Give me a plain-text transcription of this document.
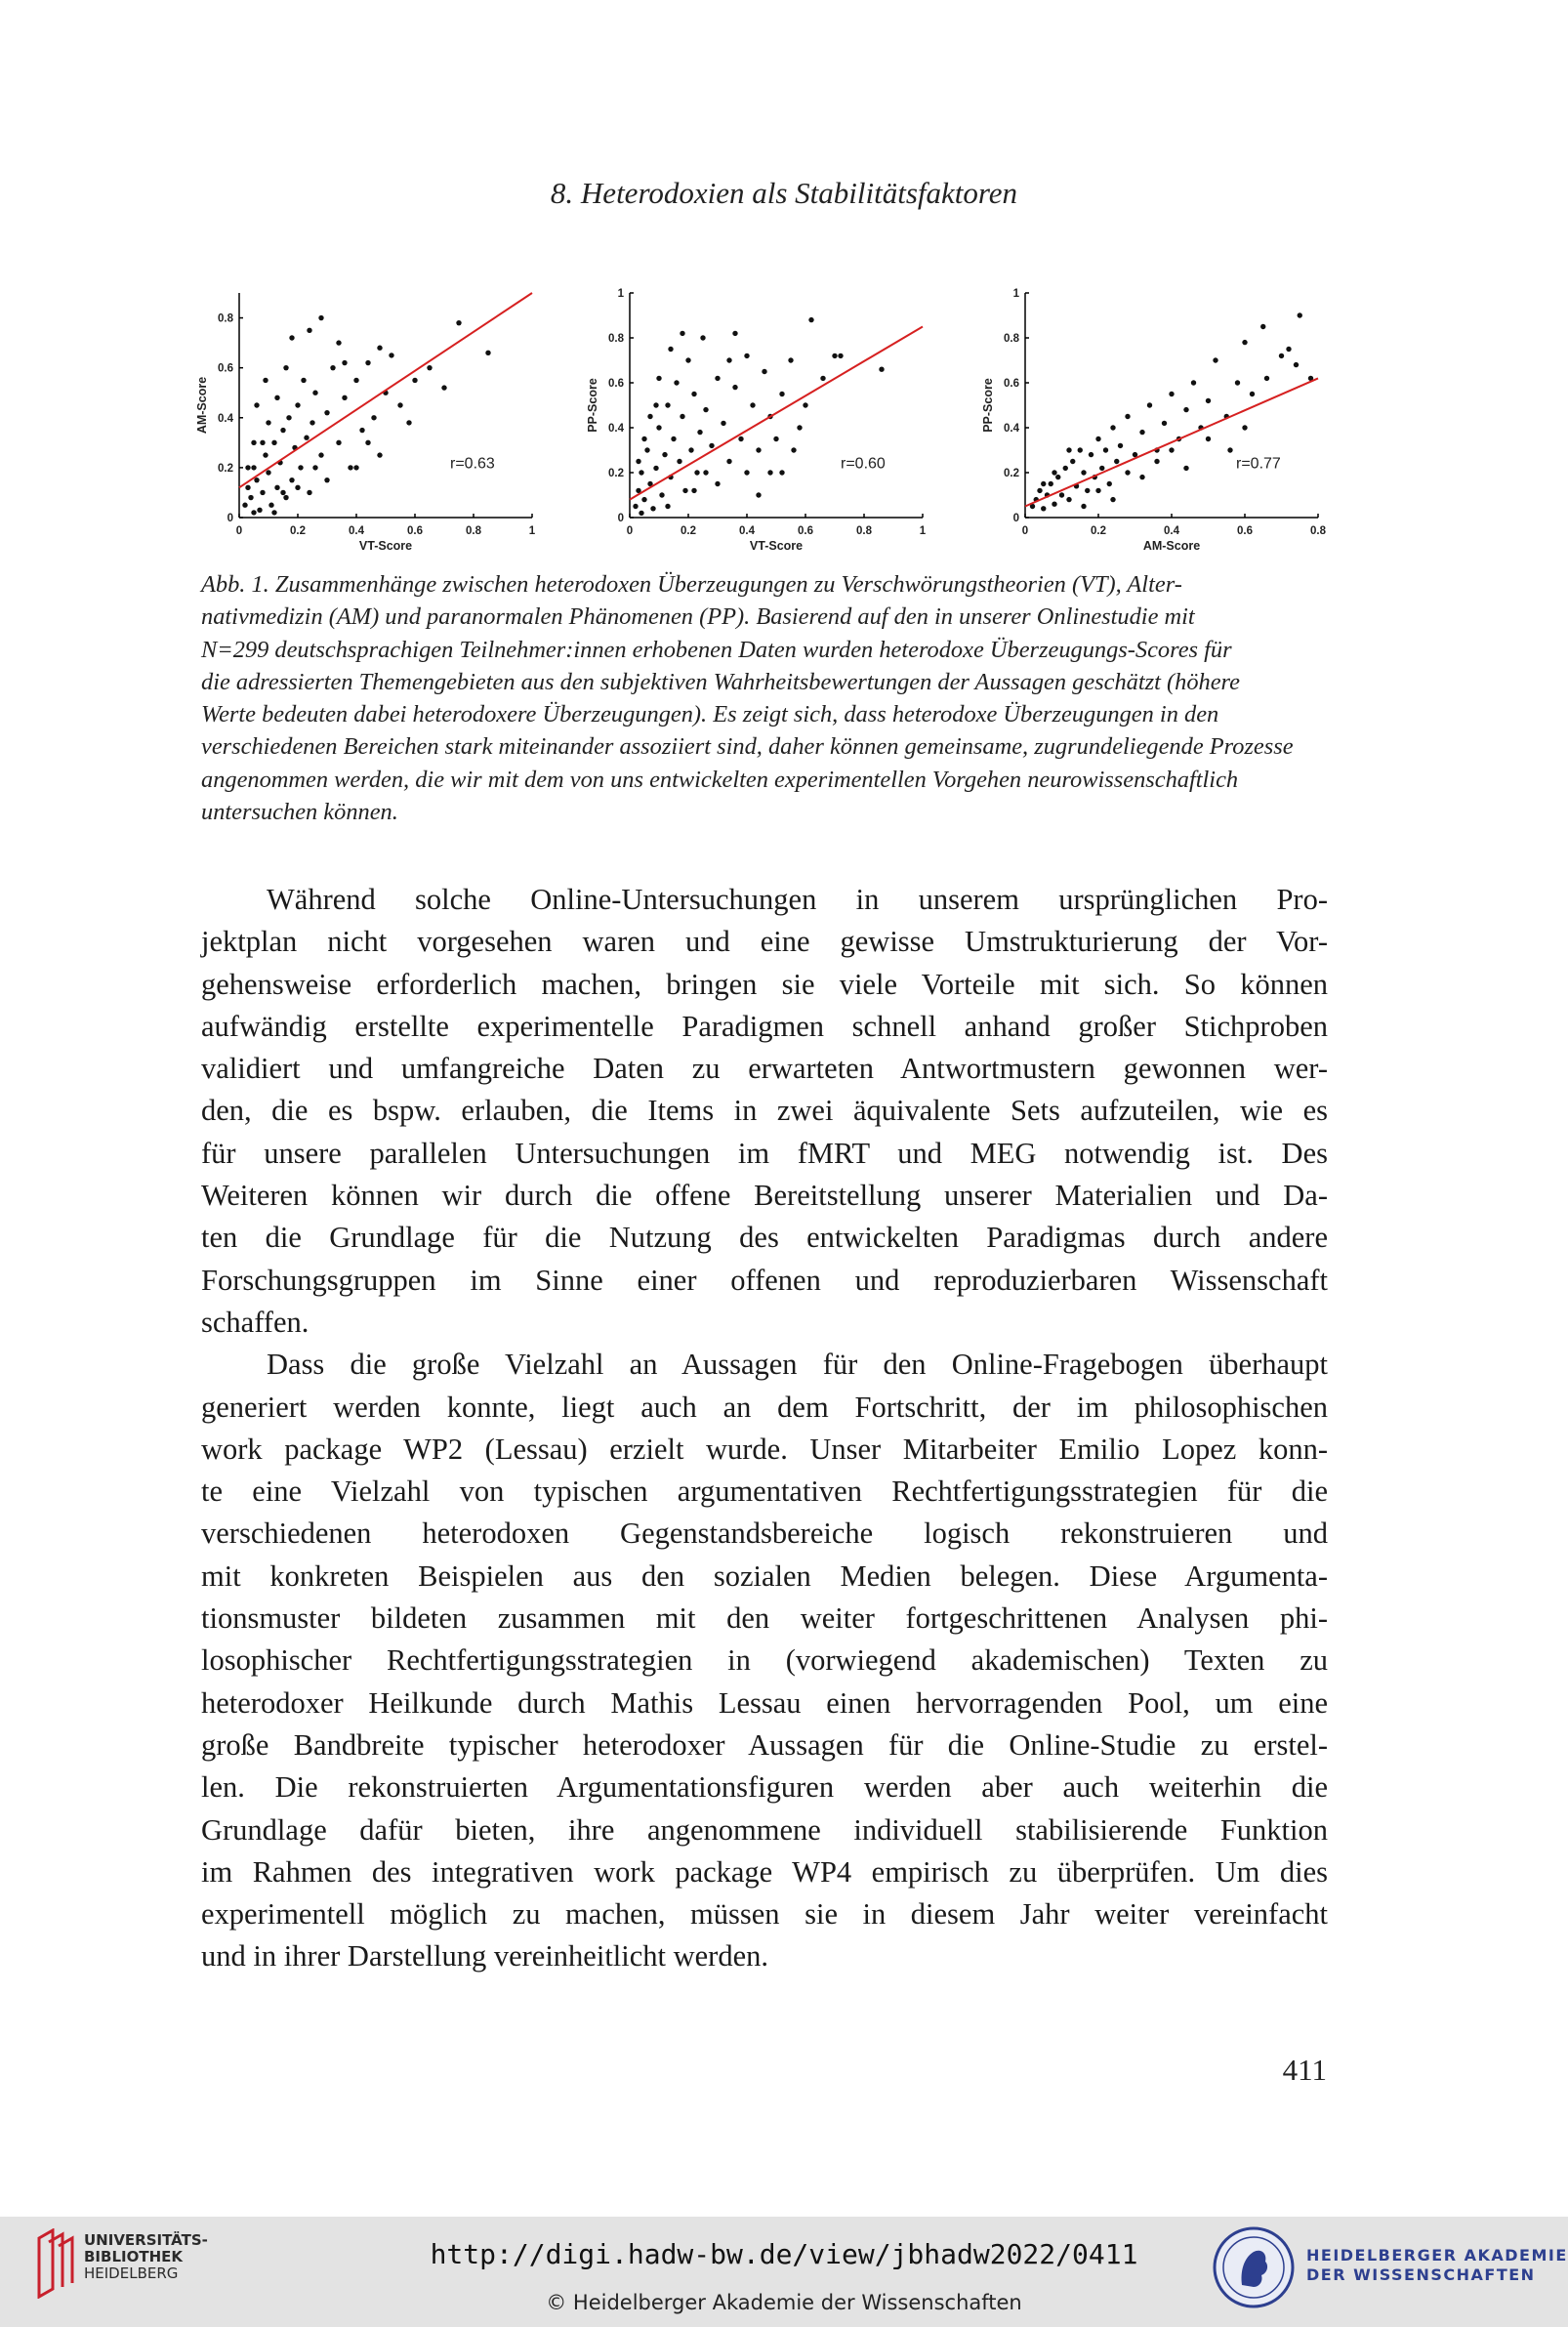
8. Heterodoxien als Stabilitätsfaktoren
0	0.2	0.4	0.6	0.8	1
0
0.2
0.4
0.6
0.8
VT-Score
AM-Score
r=0.63
0	0.2	0.4	0.6	0.8	1
0
0.2
0.4
0.6
0.8
1
VT-Score
PP-Score
r=0.60
0	0.2	0.4	0.6	0.8
0
0.2
0.4
0.6
0.8
1
AM-Score
PP-Score
r=0.77
Abb. 1. Zusammenhänge zwischen heterodoxen Überzeugungen zu Verschwörungstheorien (VT), Alter-
nativmedizin (AM) und paranormalen Phänomenen (PP). Basierend auf den in unserer Onlinestudie mit
N=299 deutschsprachigen Teilnehmer:innen erhobenen Daten wurden heterodoxe Überzeugungs-Scores für
die adressierten Themengebieten aus den subjektiven Wahrheitsbewertungen der Aussagen geschätzt (höhere
Werte bedeuten dabei heterodoxere Überzeugungen). Es zeigt sich, dass heterodoxe Überzeugungen in den
verschiedenen Bereichen stark miteinander assoziiert sind, daher können gemeinsame, zugrundeliegende Prozesse
angenommen werden, die wir mit dem von uns entwickelten experimentellen Vorgehen neurowissenschaftlich
untersuchen können.
Während solche Online-Untersuchungen in unserem ursprünglichen Pro-
jektplan nicht vorgesehen waren und eine gewisse Umstrukturierung der Vor-
gehensweise erforderlich machen, bringen sie viele Vorteile mit sich. So können
aufwändig erstellte experimentelle Paradigmen schnell anhand großer Stichproben
validiert und umfangreiche Daten zu erwarteten Antwortmustern gewonnen wer-
den, die es bspw. erlauben, die Items in zwei äquivalente Sets aufzuteilen, wie es
für unsere parallelen Untersuchungen im fMRT und MEG notwendig ist. Des
Weiteren können wir durch die offene Bereitstellung unserer Materialien und Da-
ten die Grundlage für die Nutzung des entwickelten Paradigmas durch andere
Forschungsgruppen im Sinne einer offenen und reproduzierbaren Wissenschaft
schaffen.
Dass die große Vielzahl an Aussagen für den Online-Fragebogen überhaupt
generiert werden konnte, liegt auch an dem Fortschritt, der im philosophischen
work package WP2 (Lessau) erzielt wurde. Unser Mitarbeiter Emilio Lopez konn-
te eine Vielzahl von typischen argumentativen Rechtfertigungsstrategien für die
verschiedenen heterodoxen Gegenstandsbereiche logisch rekonstruieren und
mit konkreten Beispielen aus den sozialen Medien belegen. Diese Argumenta-
tionsmuster bildeten zusammen mit den weiter fortgeschrittenen Analysen phi-
losophischer Rechtfertigungsstrategien in (vorwiegend akademischen) Texten zu
heterodoxer Heilkunde durch Mathis Lessau einen hervorragenden Pool, um eine
große Bandbreite typischer heterodoxer Aussagen für die Online-Studie zu erstel-
len. Die rekonstruierten Argumentationsfiguren werden aber auch weiterhin die
Grundlage dafür bieten, ihre angenommene individuell stabilisierende Funktion
im Rahmen des integrativen work package WP4 empirisch zu überprüfen. Um dies
experimentell möglich zu machen, müssen sie in diesem Jahr weiter vereinfacht
und in ihrer Darstellung vereinheitlicht werden.
411
UNIVERSITÄTS-
BIBLIOTHEK
HEIDELBERG
http://digi.hadw-bw.de/view/jbhadw2022/0411
© Heidelberger Akademie der Wissenschaften
HEIDELBERGER AKADEMIE
DER WISSENSCHAFTEN
